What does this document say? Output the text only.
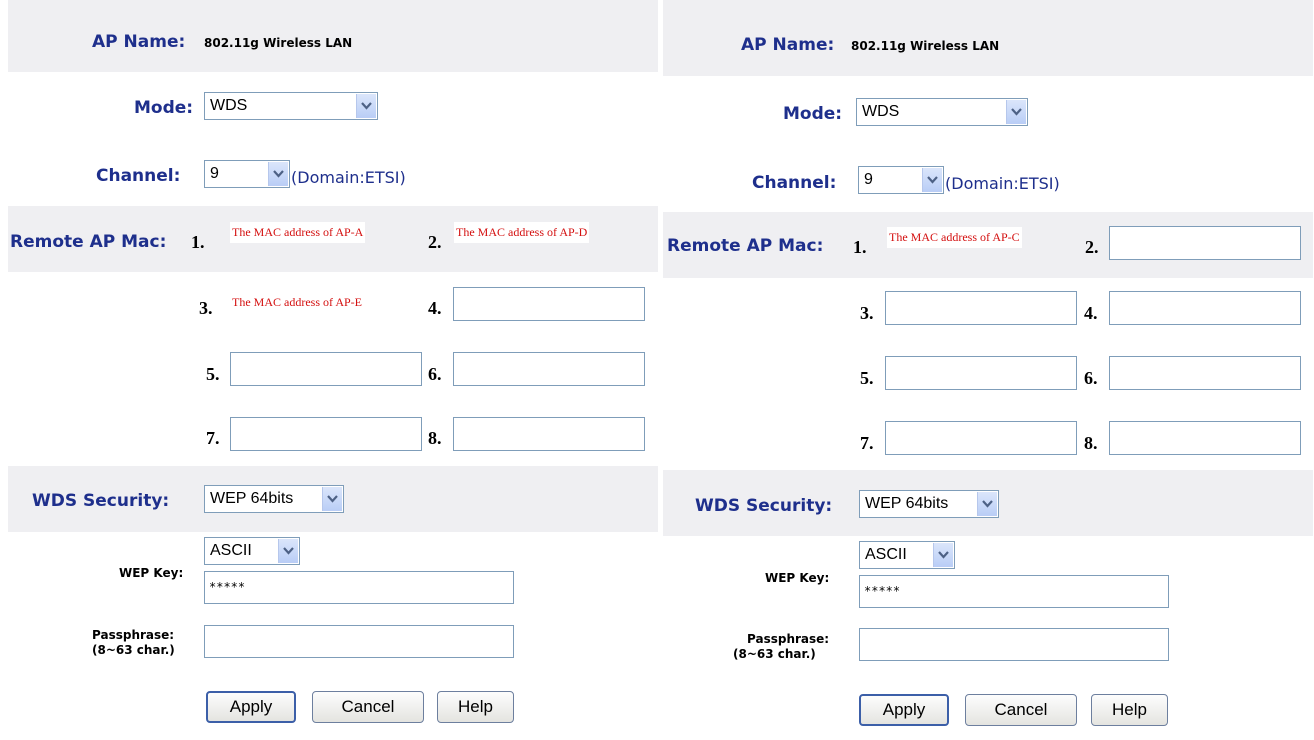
AP Name: 802.11g Wireless LAN
Mode: WDS
Channel: 9	(Domain:ETSI)
Remote AP Mac: 1. The MAC address of AP-A	2. The MAC address of AP-D
3. The MAC address of AP-E	4.
5.	6.
7.	8.
WDS Security:	WEP 64bits
ASCII
WEP Key:
*****
Passphrase:
(8~63 char.)
Apply	Cancel	Help
AP Name: 802.11g Wireless LAN
Mode: WDS
Channel: 9	(Domain:ETSI)
Remote AP Mac: 1. The MAC address of AP-C	2.
3.	4.
5.	6.
7.	8.
WDS Security: WEP 64bits
ASCII
WEP Key:
*****
Passphrase:
(8~63 char.)
Apply	Cancel	Help
